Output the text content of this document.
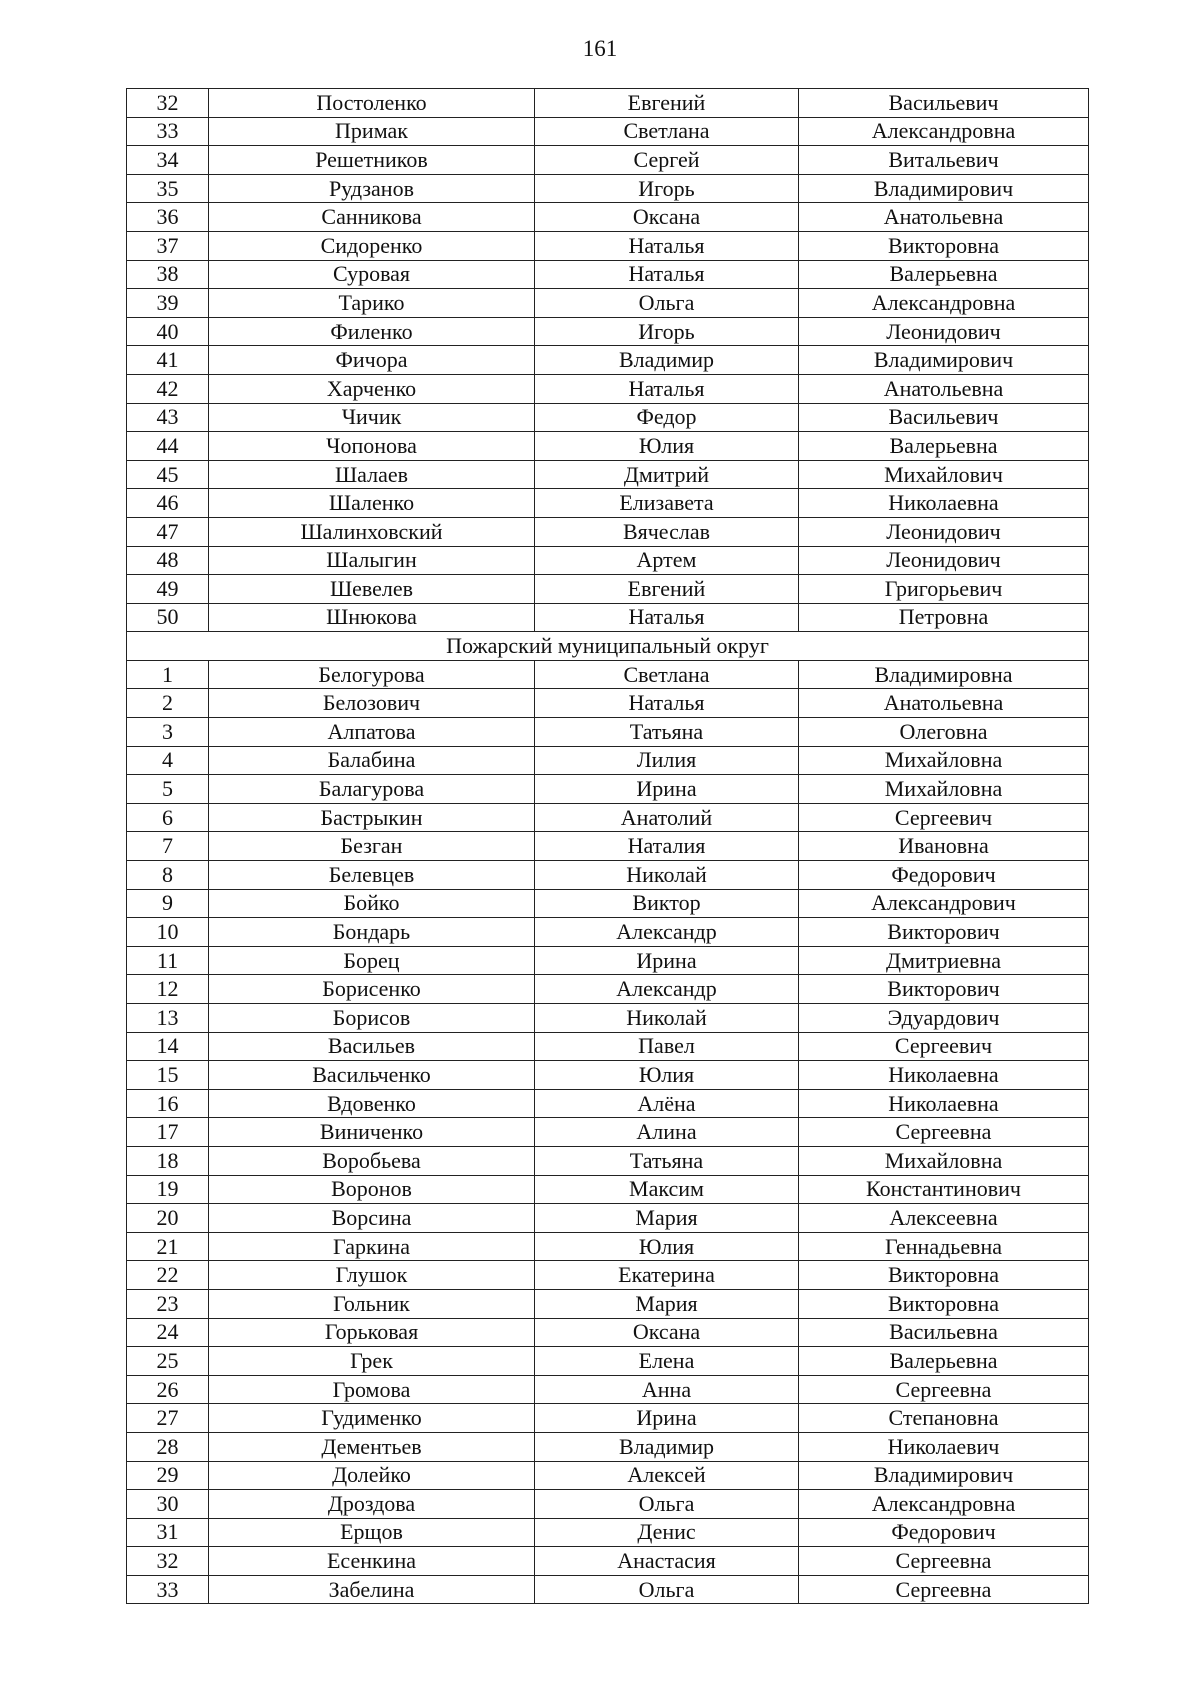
161
32	Постоленко	Евгений	Васильевич
33	Примак	Светлана	Александровна
34	Решетников	Сергей	Витальевич
35	Рудзанов	Игорь	Владимирович
36	Санникова	Оксана	Анатольевна
37	Сидоренко	Наталья	Викторовна
38	Суровая	Наталья	Валерьевна
39	Тарико	Ольга	Александровна
40	Филенко	Игорь	Леонидович
41	Фичора	Владимир	Владимирович
42	Харченко	Наталья	Анатольевна
43	Чичик	Федор	Васильевич
44	Чопонова	Юлия	Валерьевна
45	Шалаев	Дмитрий	Михайлович
46	Шаленко	Елизавета	Николаевна
47	Шалинховский	Вячеслав	Леонидович
48	Шалыгин	Артем	Леонидович
49	Шевелев	Евгений	Григорьевич
50	Шнюкова	Наталья	Петровна
Пожарский муниципальный округ			
1	Белогурова	Светлана	Владимировна
2	Белозович	Наталья	Анатольевна
3	Алпатова	Татьяна	Олеговна
4	Балабина	Лилия	Михайловна
5	Балагурова	Ирина	Михайловна
6	Бастрыкин	Анатолий	Сергеевич
7	Безган	Наталия	Ивановна
8	Белевцев	Николай	Федорович
9	Бойко	Виктор	Александрович
10	Бондарь	Александр	Викторович
11	Борец	Ирина	Дмитриевна
12	Борисенко	Александр	Викторович
13	Борисов	Николай	Эдуардович
14	Васильев	Павел	Сергеевич
15	Васильченко	Юлия	Николаевна
16	Вдовенко	Алёна	Николаевна
17	Виниченко	Алина	Сергеевна
18	Воробьева	Татьяна	Михайловна
19	Воронов	Максим	Константинович
20	Ворсина	Мария	Алексеевна
21	Гаркина	Юлия	Геннадьевна
22	Глушок	Екатерина	Викторовна
23	Гольник	Мария	Викторовна
24	Горьковая	Оксана	Васильевна
25	Грек	Елена	Валерьевна
26	Громова	Анна	Сергеевна
27	Гудименко	Ирина	Степановна
28	Дементьев	Владимир	Николаевич
29	Долейко	Алексей	Владимирович
30	Дроздова	Ольга	Александровна
31	Ерщов	Денис	Федорович
32	Есенкина	Анастасия	Сергеевна
33	Забелина	Ольга	Сергеевна
